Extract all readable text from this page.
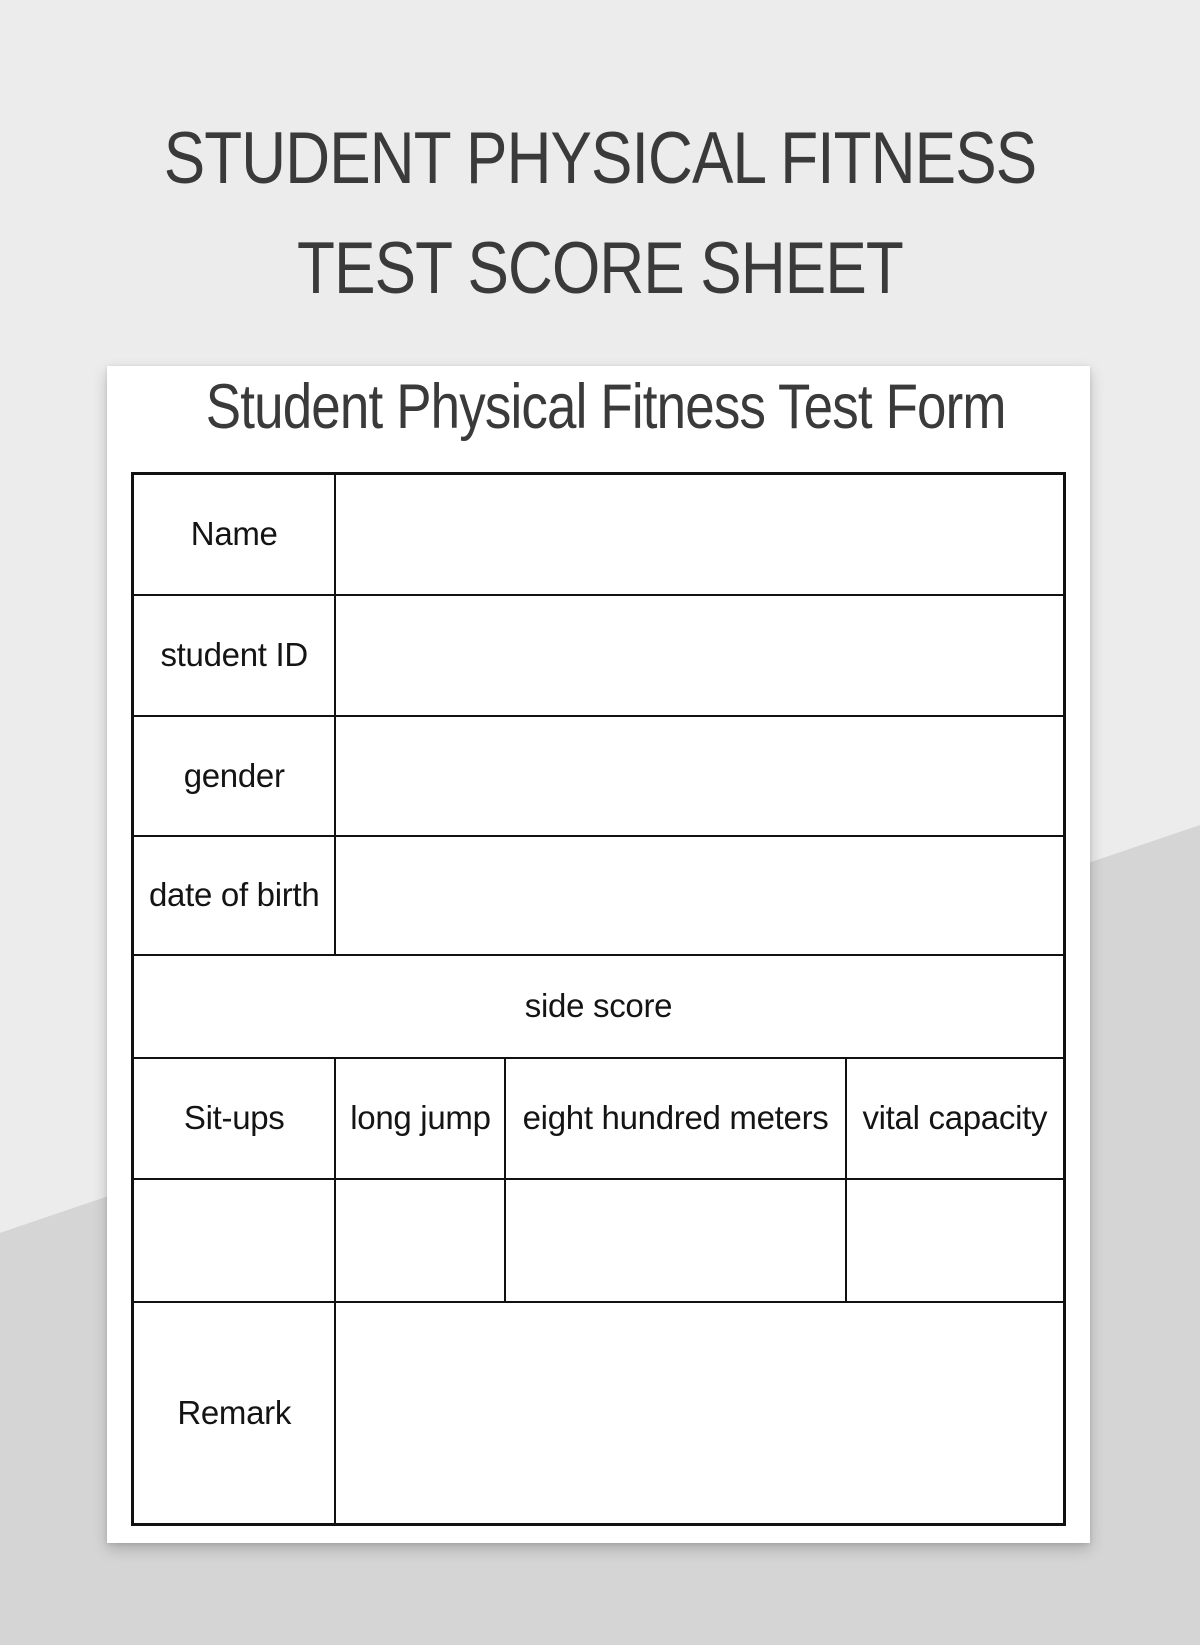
STUDENT PHYSICAL FITNESS
TEST SCORE SHEET
Student Physical Fitness Test Form
Name			
student ID			
gender			
date of birth			
side score			
Sit-ups	long jump	eight hundred meters	vital capacity

Remark			
